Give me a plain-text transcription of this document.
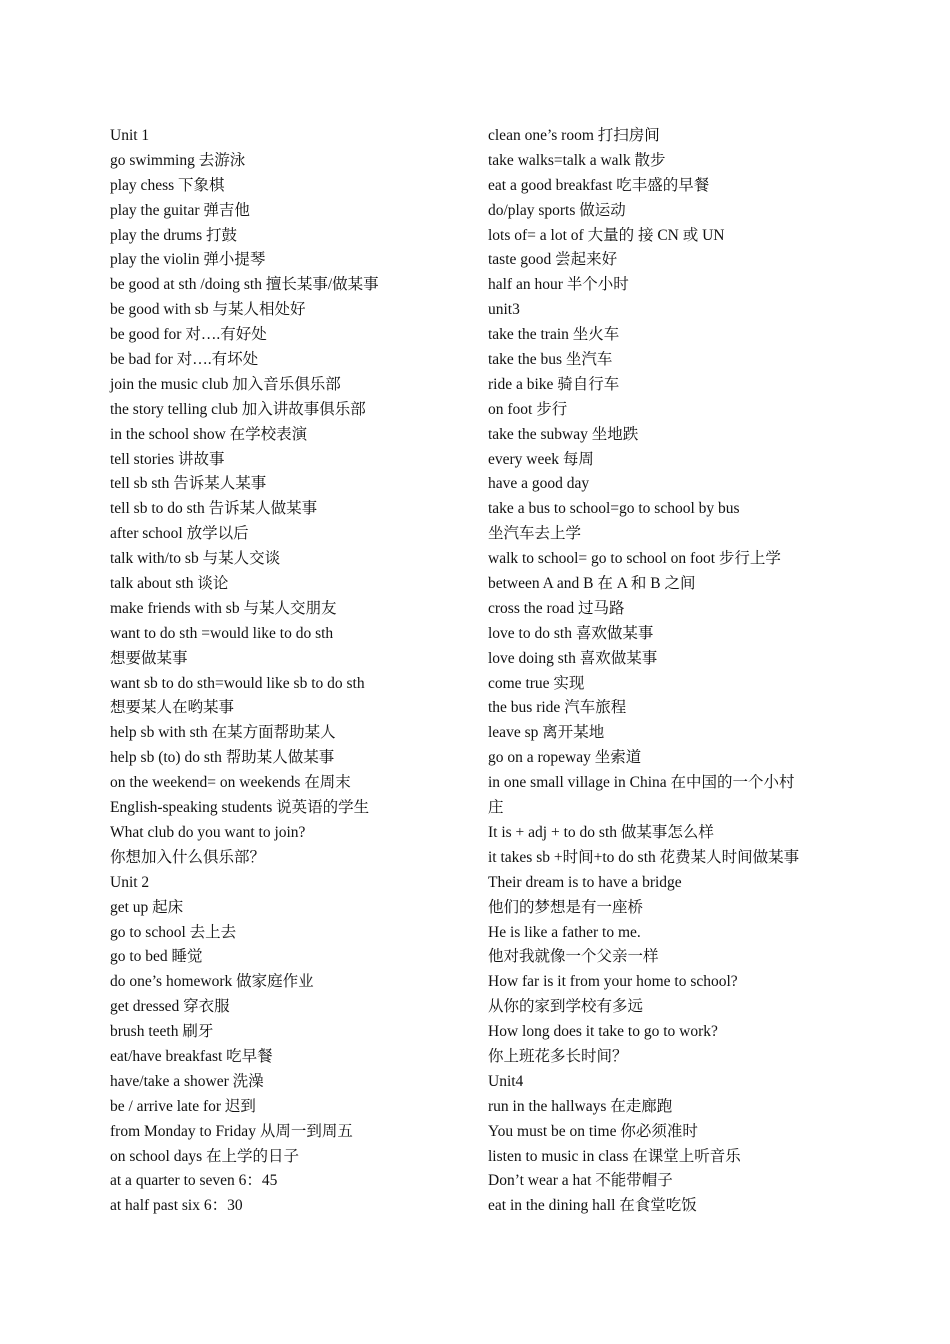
Unit 1
go swimming 去游泳
play chess 下象棋
play the guitar 弹吉他
play the drums 打鼓
play the violin 弹小提琴
be good at sth /doing sth 擅长某事/做某事
be good with sb 与某人相处好
be good for 对….有好处
be bad for 对….有坏处
join the music club 加入音乐俱乐部
the story telling club 加入讲故事俱乐部
in the school show 在学校表演
tell stories 讲故事
tell sb sth 告诉某人某事
tell sb to do sth 告诉某人做某事
after school 放学以后
talk with/to sb 与某人交谈
talk about sth 谈论
make friends with sb 与某人交朋友
want to do sth =would like to do sth
想要做某事
want sb to do sth=would like sb to do sth
想要某人在哟某事
help sb with sth 在某方面帮助某人
help sb (to) do sth 帮助某人做某事
on the weekend= on weekends 在周末
English-speaking students 说英语的学生
What club do you want to join?
你想加入什么俱乐部？
Unit 2
get up 起床
go to school 去上去
go to bed 睡觉
do one’s homework 做家庭作业
get dressed 穿衣服
brush teeth 刷牙
eat/have breakfast 吃早餐
have/take a shower 洗澡
be / arrive late for 迟到
from Monday to Friday 从周一到周五
on school days 在上学的日子
at a quarter to seven 6：45
at half past six 6：30
clean one’s room 打扫房间
take walks=talk a walk 散步
eat a good breakfast 吃丰盛的早餐
do/play sports 做运动
lots of= a lot of 大量的 接 CN 或 UN
taste good 尝起来好
half an hour 半个小时
unit3
take the train 坐火车
take the bus 坐汽车
ride a bike 骑自行车
on foot 步行
take the subway 坐地跌
every week 每周
have a good day
take a bus to school=go to school by bus
坐汽车去上学
walk to school= go to school on foot 步行上学
between A and B 在 A 和 B 之间
cross the road 过马路
love to do sth 喜欢做某事
love doing sth 喜欢做某事
come true 实现
the bus ride 汽车旅程
leave sp 离开某地
go on a ropeway 坐索道
in one small village in China 在中国的一个小村
庄
It is + adj + to do sth 做某事怎么样
it takes sb +时间+to do sth 花费某人时间做某事
Their dream is to have a bridge
他们的梦想是有一座桥
He is like a father to me.
他对我就像一个父亲一样
How far is it from your home to school?
从你的家到学校有多远
How long does it take to go to work?
你上班花多长时间？
Unit4
run in the hallways 在走廊跑
You must be on time 你必须准时
listen to music in class 在课堂上听音乐
Don’t wear a hat 不能带帽子
eat in the dining hall 在食堂吃饭
